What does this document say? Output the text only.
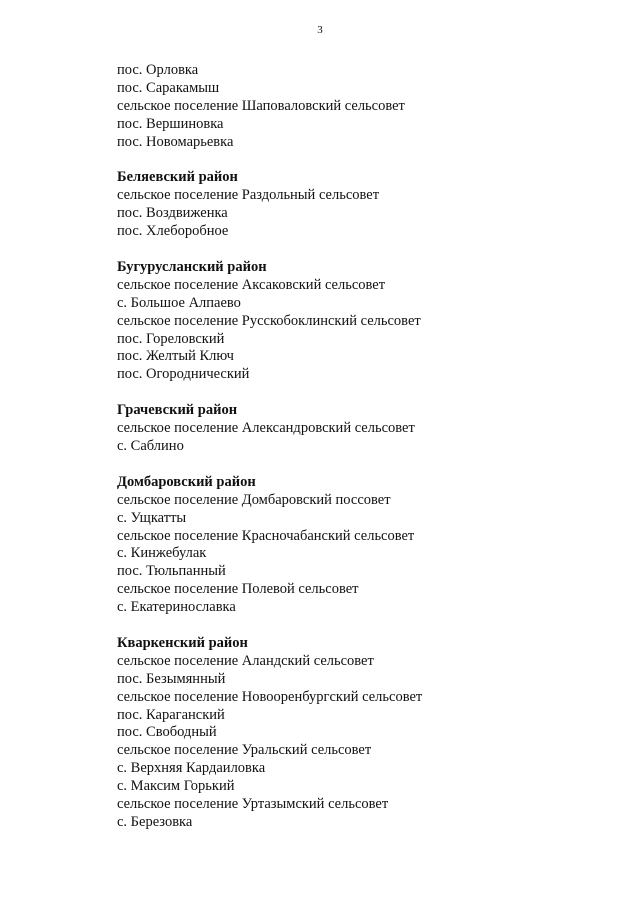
3

пос. Орловка

пос. Саракамыш

сельское поселение Шаповаловский сельсовет

пос. Вершиновка

пос. Новомарьевка

Беляевский район

сельское поселение Раздольный сельсовет

пос. Воздвиженка

пос. Хлеборобное

Бугурусланский район

сельское поселение Аксаковский сельсовет

с. Большое Алпаево

сельское поселение Русскобоклинский сельсовет

пос. Гореловский

пос. Желтый Ключ

пос. Огороднический

Грачевский район

сельское поселение Александровский сельсовет

с. Саблино

Домбаровский район

сельское поселение Домбаровский поссовет

с. Ущкатты

сельское поселение Красночабанский сельсовет

с. Кинжебулак

пос. Тюльпанный

сельское поселение Полевой сельсовет

с. Екатеринославка

Кваркенский район

сельское поселение Аландский сельсовет

пос. Безымянный

сельское поселение Новооренбургский сельсовет

пос. Караганский

пос. Свободный

сельское поселение Уральский сельсовет

с. Верхняя Кардаиловка

с. Максим Горький

сельское поселение Уртазымский сельсовет

с. Березовка
